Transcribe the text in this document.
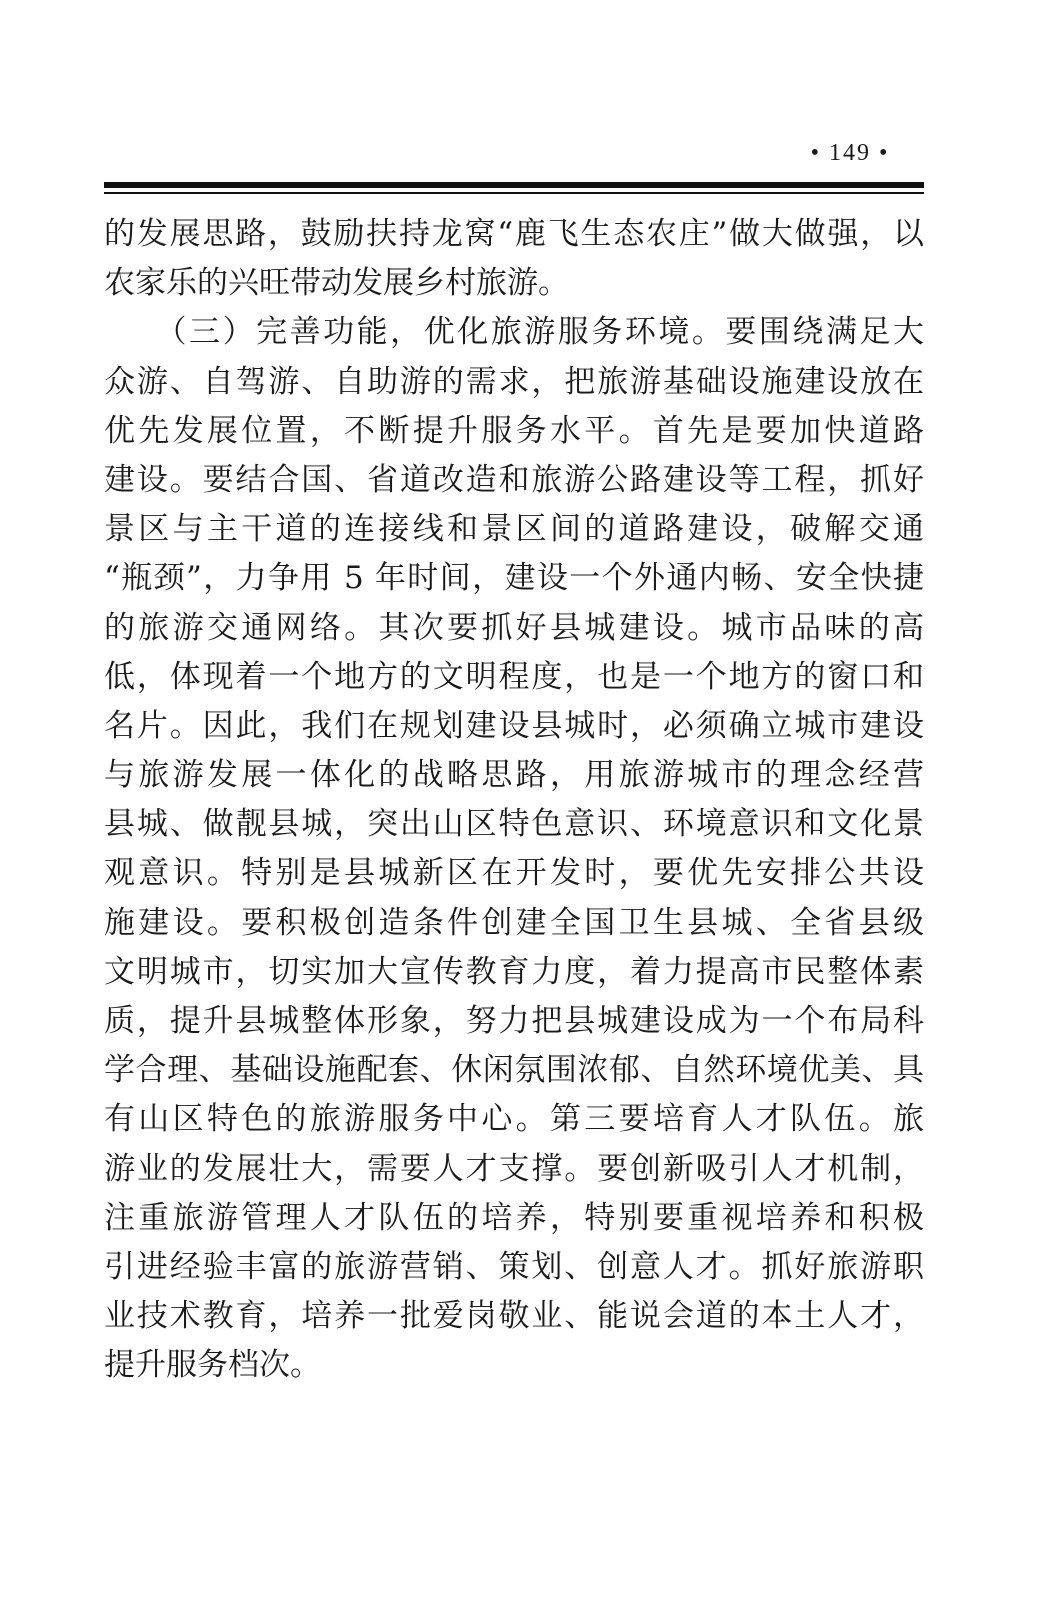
• 149 •
的发展思路，鼓励扶持龙窝“鹿飞生态农庄”做大做强，以
农家乐的兴旺带动发展乡村旅游。
　　（三）完善功能，优化旅游服务环境。要围绕满足大
众游、自驾游、自助游的需求，把旅游基础设施建设放在
优先发展位置，不断提升服务水平。首先是要加快道路
建设。要结合国、省道改造和旅游公路建设等工程，抓好
景区与主干道的连接线和景区间的道路建设，破解交通
“瓶颈”，力争用 5 年时间，建设一个外通内畅、安全快捷
的旅游交通网络。其次要抓好县城建设。城市品味的高
低，体现着一个地方的文明程度，也是一个地方的窗口和
名片。因此，我们在规划建设县城时，必须确立城市建设
与旅游发展一体化的战略思路，用旅游城市的理念经营
县城、做靓县城，突出山区特色意识、环境意识和文化景
观意识。特别是县城新区在开发时，要优先安排公共设
施建设。要积极创造条件创建全国卫生县城、全省县级
文明城市，切实加大宣传教育力度，着力提高市民整体素
质，提升县城整体形象，努力把县城建设成为一个布局科
学合理、基础设施配套、休闲氛围浓郁、自然环境优美、具
有山区特色的旅游服务中心。第三要培育人才队伍。旅
游业的发展壮大，需要人才支撑。要创新吸引人才机制，
注重旅游管理人才队伍的培养，特别要重视培养和积极
引进经验丰富的旅游营销、策划、创意人才。抓好旅游职
业技术教育，培养一批爱岗敬业、能说会道的本土人才，
提升服务档次。
